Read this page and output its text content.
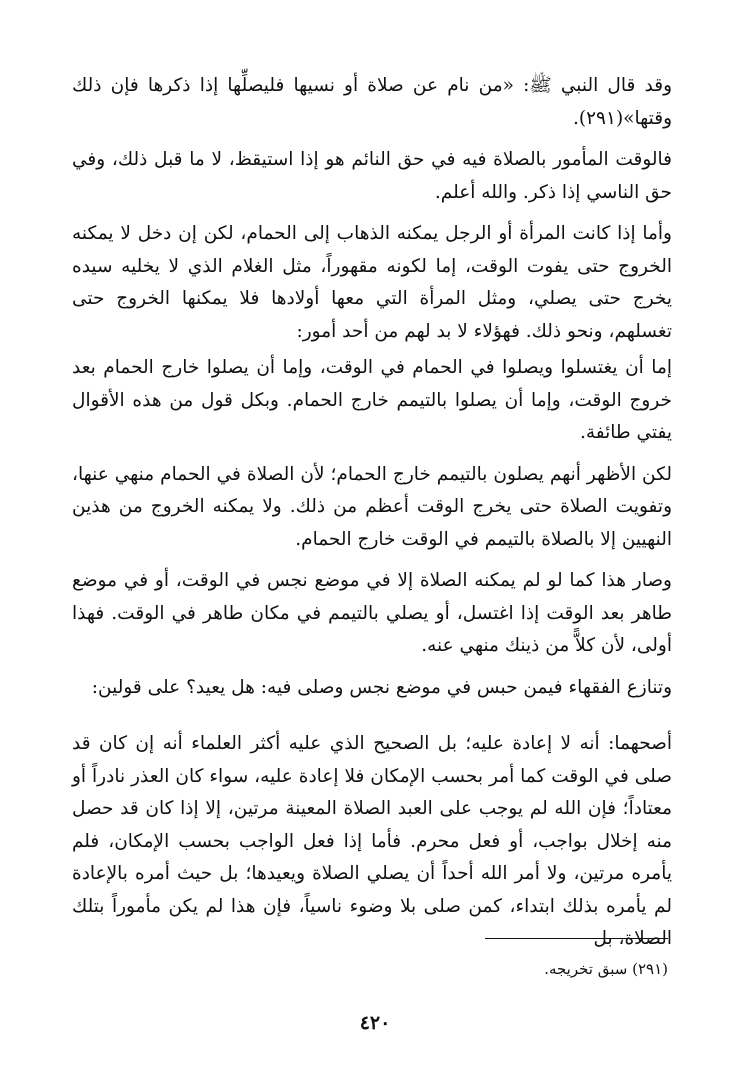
وقد قال النبي ﷺ: «من نام عن صلاة أو نسيها فليصلِّها إذا ذكرها فإن ذلك وقتها»(٢٩١).

فالوقت المأمور بالصلاة فيه في حق النائم هو إذا استيقظ، لا ما قبل ذلك، وفي حق الناسي إذا ذكر. والله أعلم.

وأما إذا كانت المرأة أو الرجل يمكنه الذهاب إلى الحمام، لكن إن دخل لا يمكنه الخروج حتى يفوت الوقت، إما لكونه مقهوراً، مثل الغلام الذي لا يخليه سيده يخرج حتى يصلي، ومثل المرأة التي معها أولادها فلا يمكنها الخروج حتى تغسلهم، ونحو ذلك. فهؤلاء لا بد لهم من أحد أمور:

إما أن يغتسلوا ويصلوا في الحمام في الوقت، وإما أن يصلوا خارج الحمام بعد خروج الوقت، وإما أن يصلوا بالتيمم خارج الحمام. وبكل قول من هذه الأقوال يفتي طائفة.

لكن الأظهر أنهم يصلون بالتيمم خارج الحمام؛ لأن الصلاة في الحمام منهي عنها، وتفويت الصلاة حتى يخرج الوقت أعظم من ذلك. ولا يمكنه الخروج من هذين النهيين إلا بالصلاة بالتيمم في الوقت خارج الحمام.

وصار هذا كما لو لم يمكنه الصلاة إلا في موضع نجس في الوقت، أو في موضع طاهر بعد الوقت إذا اغتسل، أو يصلي بالتيمم في مكان طاهر في الوقت. فهذا أولى، لأن كلاًّ من ذينك منهي عنه.

وتنازع الفقهاء فيمن حبس في موضع نجس وصلى فيه: هل يعيد؟ على قولين:

أصحهما: أنه لا إعادة عليه؛ بل الصحيح الذي عليه أكثر العلماء أنه إن كان قد صلى في الوقت كما أمر بحسب الإمكان فلا إعادة عليه، سواء كان العذر نادراً أو معتاداً؛ فإن الله لم يوجب على العبد الصلاة المعينة مرتين، إلا إذا كان قد حصل منه إخلال بواجب، أو فعل محرم. فأما إذا فعل الواجب بحسب الإمكان، فلم يأمره مرتين، ولا أمر الله أحداً أن يصلي الصلاة ويعيدها؛ بل حيث أمره بالإعادة لم يأمره بذلك ابتداء، كمن صلى بلا وضوء ناسياً، فإن هذا لم يكن مأموراً بتلك الصلاة، بل

(٢٩١) سبق تخريجه.
٤٢٠
